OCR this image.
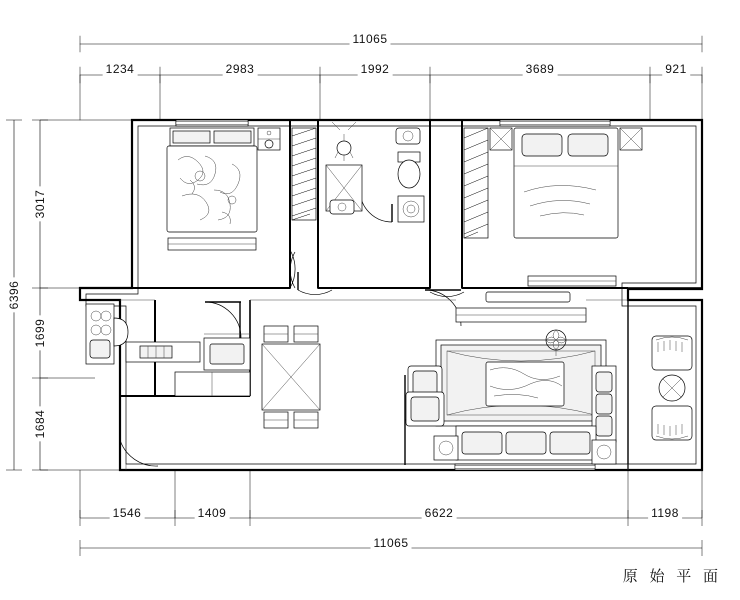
11065
1234	2983	1992	3689	921
1546	1409	6622	1198
11065
3017
1699
1684
6396
原 始 平 面
